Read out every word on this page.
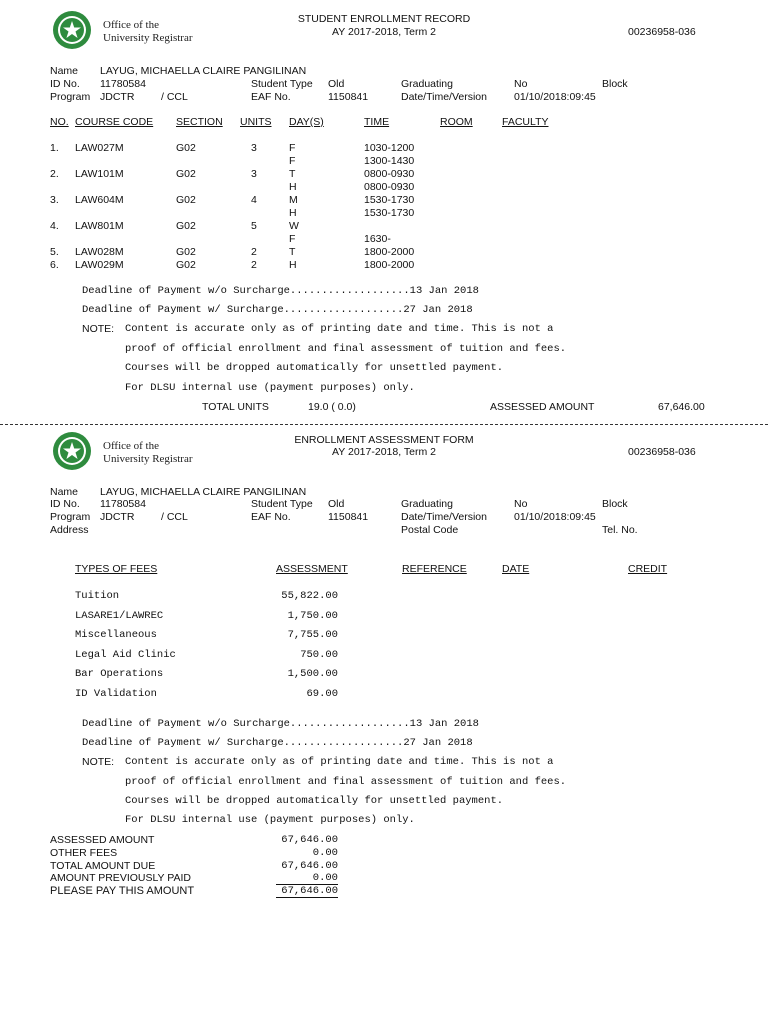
Office of the
University Registrar
STUDENT ENROLLMENT RECORD
AY 2017-2018, Term 2	00236958-036
Name LAYUG, MICHAELLA CLAIRE PANGILINAN
ID No. 11780584	Student Type Old	Graduating	No	Block
Program JDCTR	/ CCL	EAF No.	1150841	Date/Time/Version	01/10/2018:09:45
NO. COURSE CODE SECTION UNITS DAY(S)	TIME	ROOM	FACULTY
1. LAW027M	G02	3	F	1030-1200
F	1300-1430
2. LAW101M	G02	3	T	0800-0930
H	0800-0930
3. LAW604M	G02	4	M	1530-1730
H	1530-1730
4. LAW801M	G02	5	W
F	1630-
5. LAW028M	G02	2	T	1800-2000
6. LAW029M	G02	2	H	1800-2000
Deadline of Payment w/o Surcharge...................13 Jan 2018
Deadline of Payment w/ Surcharge...................27 Jan 2018
NOTE: Content is accurate only as of printing date and time. This is not a
proof of official enrollment and final assessment of tuition and fees.
Courses will be dropped automatically for unsettled payment.
For DLSU internal use (payment purposes) only.
TOTAL UNITS	19.0 ( 0.0)	ASSESSED AMOUNT	67,646.00
Office of the
University Registrar
ENROLLMENT ASSESSMENT FORM
AY 2017-2018, Term 2	00236958-036
Name LAYUG, MICHAELLA CLAIRE PANGILINAN
ID No. 11780584	Student Type Old	Graduating	No	Block
Program JDCTR	/ CCL	EAF No.	1150841	Date/Time/Version	01/10/2018:09:45
Address	Postal Code	Tel. No.
TYPES OF FEES	ASSESSMENT	REFERENCE	DATE	CREDIT
Tuition	55,822.00
LASARE1/LAWREC	1,750.00
Miscellaneous	7,755.00
Legal Aid Clinic	750.00
Bar Operations	1,500.00
ID Validation	69.00
Deadline of Payment w/o Surcharge...................13 Jan 2018
Deadline of Payment w/ Surcharge...................27 Jan 2018
NOTE: Content is accurate only as of printing date and time. This is not a
proof of official enrollment and final assessment of tuition and fees.
Courses will be dropped automatically for unsettled payment.
For DLSU internal use (payment purposes) only.
ASSESSED AMOUNT	67,646.00
OTHER FEES	0.00
TOTAL AMOUNT DUE	67,646.00
AMOUNT PREVIOUSLY PAID	0.00
PLEASE PAY THIS AMOUNT	67,646.00
